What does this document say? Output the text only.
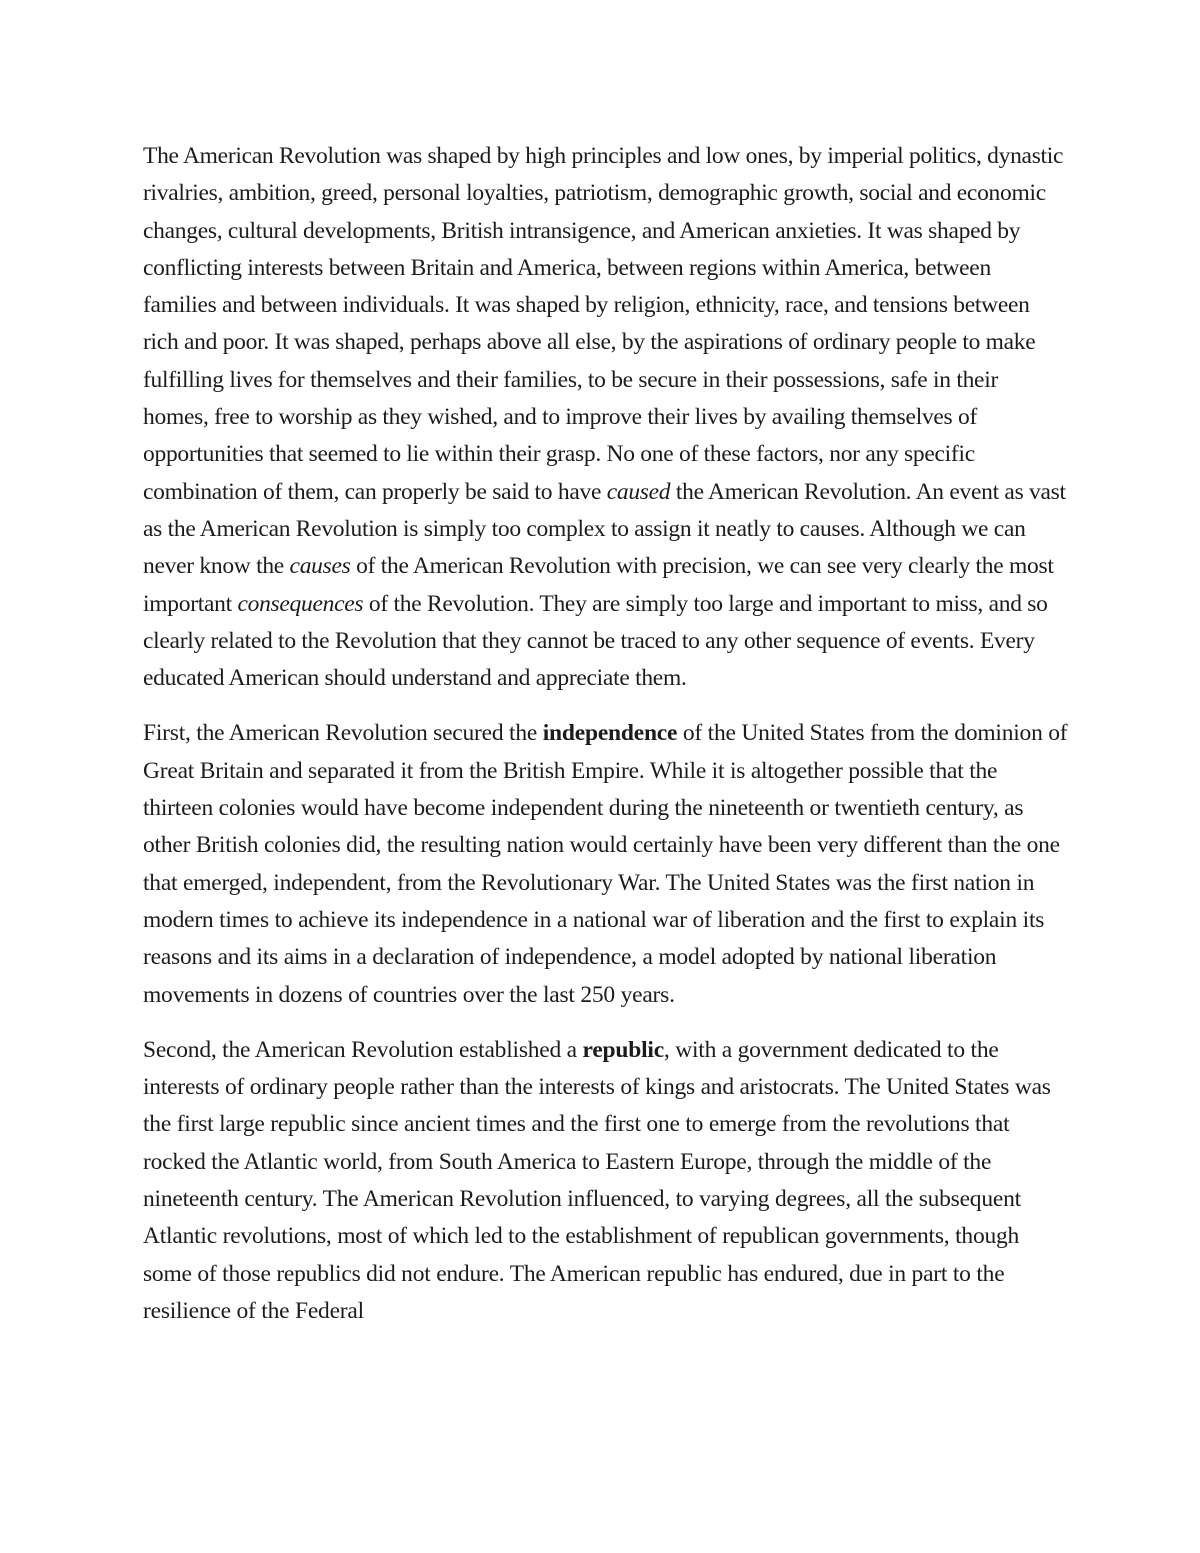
The American Revolution was shaped by high principles and low ones, by imperial politics, dynastic rivalries, ambition, greed, personal loyalties, patriotism, demographic growth, social and economic changes, cultural developments, British intransigence, and American anxieties. It was shaped by conflicting interests between Britain and America, between regions within America, between families and between individuals. It was shaped by religion, ethnicity, race, and tensions between rich and poor. It was shaped, perhaps above all else, by the aspirations of ordinary people to make fulfilling lives for themselves and their families, to be secure in their possessions, safe in their homes, free to worship as they wished, and to improve their lives by availing themselves of opportunities that seemed to lie within their grasp. No one of these factors, nor any specific combination of them, can properly be said to have caused the American Revolution. An event as vast as the American Revolution is simply too complex to assign it neatly to causes. Although we can never know the causes of the American Revolution with precision, we can see very clearly the most important consequences of the Revolution. They are simply too large and important to miss, and so clearly related to the Revolution that they cannot be traced to any other sequence of events. Every educated American should understand and appreciate them.

First, the American Revolution secured the independence of the United States from the dominion of Great Britain and separated it from the British Empire. While it is altogether possible that the thirteen colonies would have become independent during the nineteenth or twentieth century, as other British colonies did, the resulting nation would certainly have been very different than the one that emerged, independent, from the Revolutionary War. The United States was the first nation in modern times to achieve its independence in a national war of liberation and the first to explain its reasons and its aims in a declaration of independence, a model adopted by national liberation movements in dozens of countries over the last 250 years.

Second, the American Revolution established a republic, with a government dedicated to the interests of ordinary people rather than the interests of kings and aristocrats. The United States was the first large republic since ancient times and the first one to emerge from the revolutions that rocked the Atlantic world, from South America to Eastern Europe, through the middle of the nineteenth century. The American Revolution influenced, to varying degrees, all the subsequent Atlantic revolutions, most of which led to the establishment of republican governments, though some of those republics did not endure. The American republic has endured, due in part to the resilience of the Federal
